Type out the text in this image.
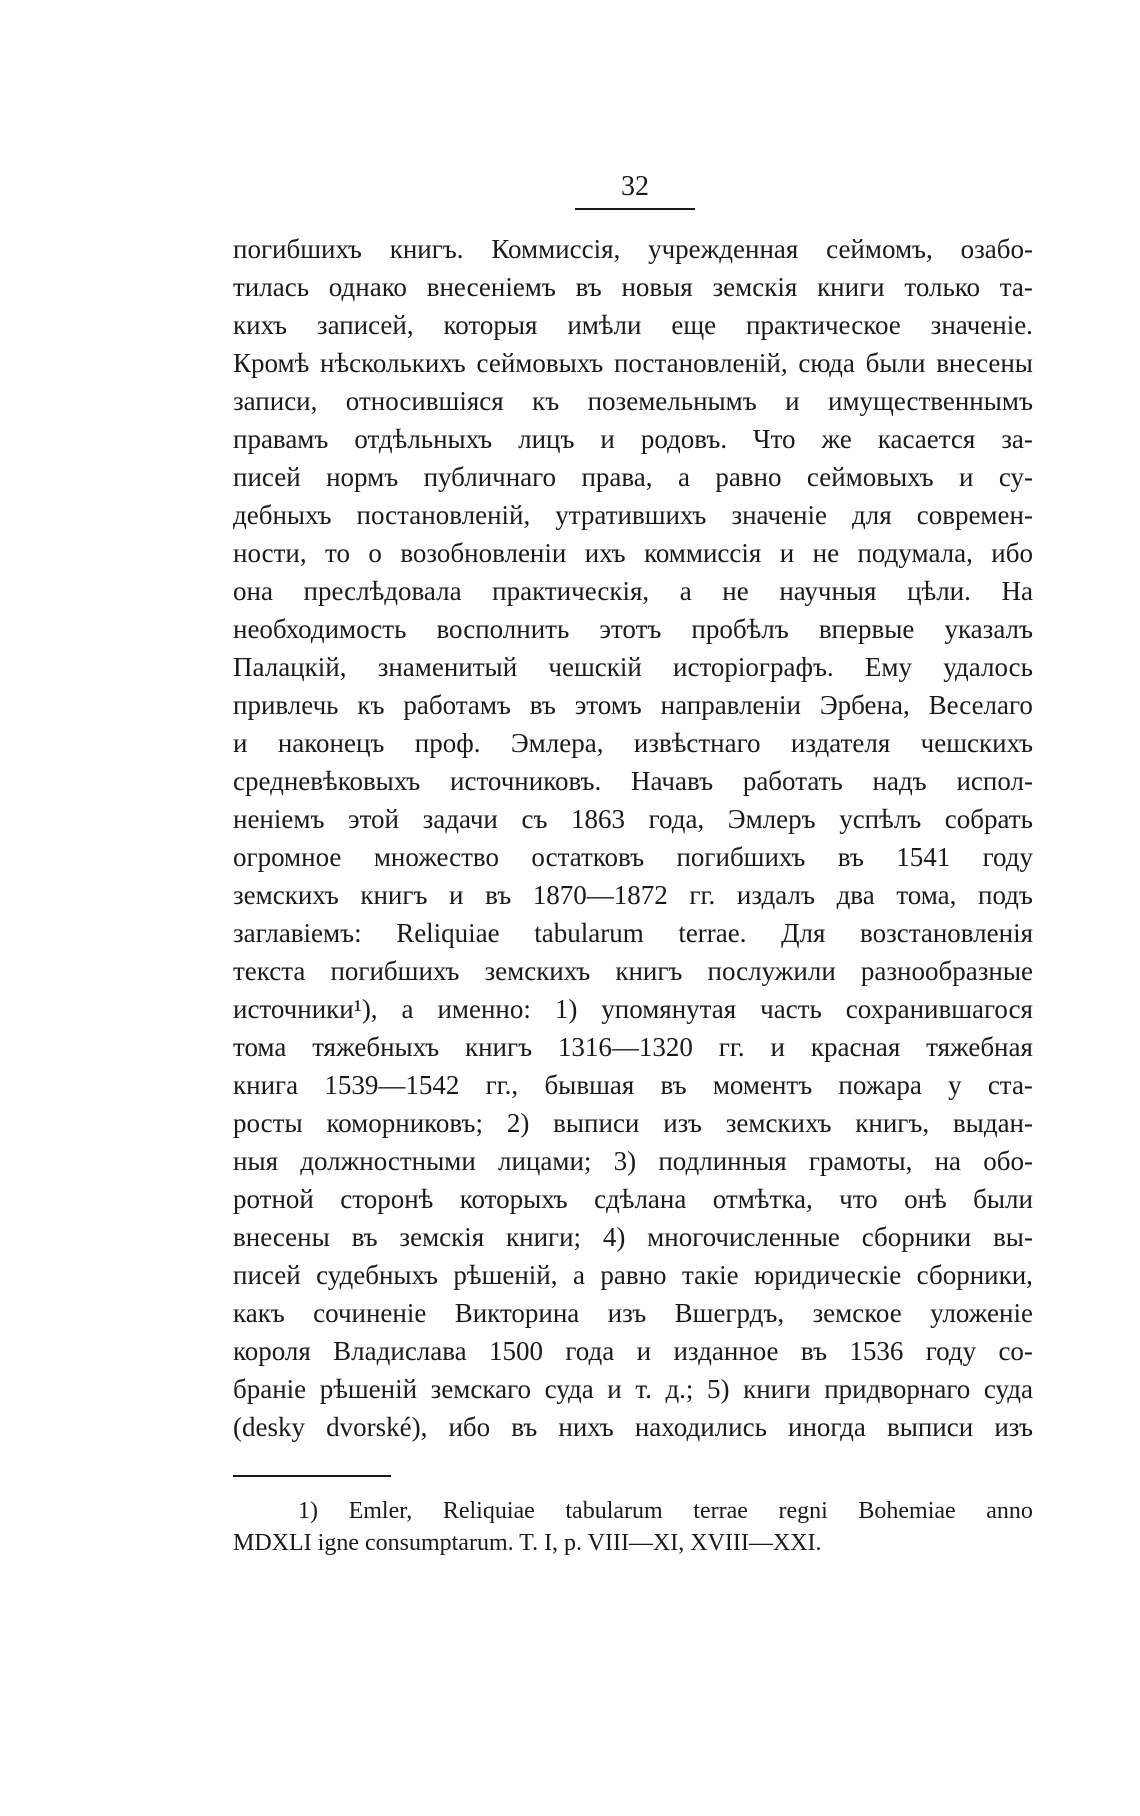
32
погибшихъ книгъ. Коммиссія, учрежденная сеймомъ, озабо-
тилась однако внесеніемъ въ новыя земскія книги только та-
кихъ записей, которыя имѣли еще практическое значеніе.
Кромѣ нѣсколькихъ сеймовыхъ постановленій, сюда были внесены
записи, относившіяся къ поземельнымъ и имущественнымъ
правамъ отдѣльныхъ лицъ и родовъ. Что же касается за-
писей нормъ публичнаго права, а равно сеймовыхъ и су-
дебныхъ постановленій, утратившихъ значеніе для современ-
ности, то о возобновленіи ихъ коммиссія и не подумала, ибо
она преслѣдовала практическія, а не научныя цѣли. На
необходимость восполнить этотъ пробѣлъ впервые указалъ
Палацкій, знаменитый чешскій исторіографъ. Ему удалось
привлечь къ работамъ въ этомъ направленіи Эрбена, Веселаго
и наконецъ проф. Эмлера, извѣстнаго издателя чешскихъ
средневѣковыхъ источниковъ. Начавъ работать надъ испол-
неніемъ этой задачи съ 1863 года, Эмлеръ успѣлъ собрать
огромное множество остатковъ погибшихъ въ 1541 году
земскихъ книгъ и въ 1870—1872 гг. издалъ два тома, подъ
заглавіемъ: Reliquiae tabularum terrae. Для возстановленія
текста погибшихъ земскихъ книгъ послужили разнообразные
источники¹), а именно: 1) упомянутая часть сохранившагося
тома тяжебныхъ книгъ 1316—1320 гг. и красная тяжебная
книга 1539—1542 гг., бывшая въ моментъ пожара у ста-
росты коморниковъ; 2) выписи изъ земскихъ книгъ, выдан-
ныя должностными лицами; 3) подлинныя грамоты, на обо-
ротной сторонѣ которыхъ сдѣлана отмѣтка, что онѣ были
внесены въ земскія книги; 4) многочисленные сборники вы-
писей судебныхъ рѣшеній, а равно такіе юридическіе сборники,
какъ сочиненіе Викторина изъ Вшегрдъ, земское уложеніе
короля Владислава 1500 года и изданное въ 1536 году со-
браніе рѣшеній земскаго суда и т. д.; 5) книги придворнаго суда
(desky dvorské), ибо въ нихъ находились иногда выписи изъ
1) Emler, Reliquiae tabularum terrae regni Bohemiae anno
MDXLI igne consumptarum. T. I, p. VIII—XI, XVIII—XXI.
